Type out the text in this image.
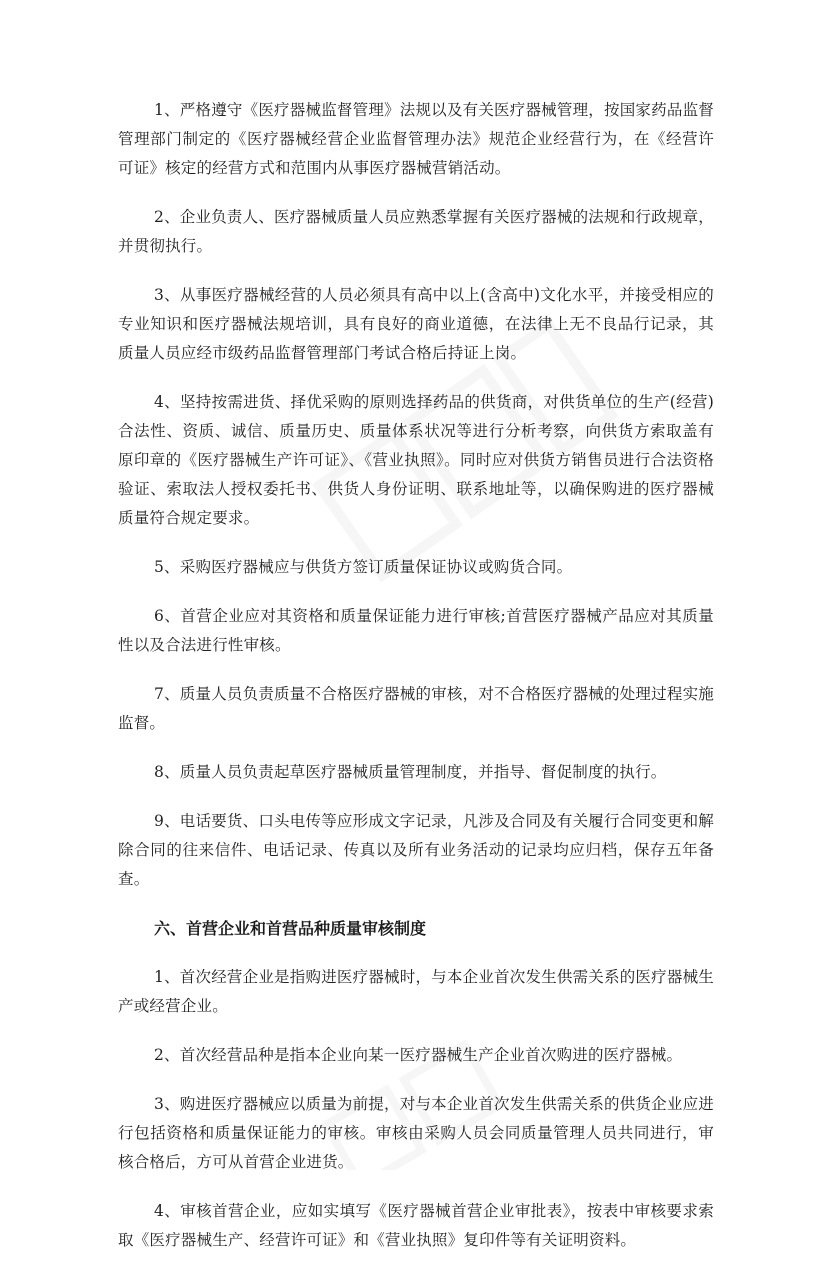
1、严格遵守《医疗器械监督管理》法规以及有关医疗器械管理，按国家药品监督管理部门制定的《医疗器械经营企业监督管理办法》规范企业经营行为，在《经营许可证》核定的经营方式和范围内从事医疗器械营销活动。

2、企业负责人、医疗器械质量人员应熟悉掌握有关医疗器械的法规和行政规章，并贯彻执行。

3、从事医疗器械经营的人员必须具有高中以上(含高中)文化水平，并接受相应的专业知识和医疗器械法规培训，具有良好的商业道德，在法律上无不良品行记录，其质量人员应经市级药品监督管理部门考试合格后持证上岗。

4、坚持按需进货、择优采购的原则选择药品的供货商，对供货单位的生产(经营)合法性、资质、诚信、质量历史、质量体系状况等进行分析考察，向供货方索取盖有原印章的《医疗器械生产许可证》、《营业执照》。同时应对供货方销售员进行合法资格验证、索取法人授权委托书、供货人身份证明、联系地址等，以确保购进的医疗器械质量符合规定要求。

5、采购医疗器械应与供货方签订质量保证协议或购货合同。

6、首营企业应对其资格和质量保证能力进行审核;首营医疗器械产品应对其质量性以及合法进行性审核。

7、质量人员负责质量不合格医疗器械的审核，对不合格医疗器械的处理过程实施监督。

8、质量人员负责起草医疗器械质量管理制度，并指导、督促制度的执行。

9、电话要货、口头电传等应形成文字记录，凡涉及合同及有关履行合同变更和解除合同的往来信件、电话记录、传真以及所有业务活动的记录均应归档，保存五年备查。

六、首营企业和首营品种质量审核制度

1、首次经营企业是指购进医疗器械时，与本企业首次发生供需关系的医疗器械生产或经营企业。

2、首次经营品种是指本企业向某一医疗器械生产企业首次购进的医疗器械。

3、购进医疗器械应以质量为前提，对与本企业首次发生供需关系的供货企业应进行包括资格和质量保证能力的审核。审核由采购人员会同质量管理人员共同进行，审核合格后，方可从首营企业进货。

4、审核首营企业，应如实填写《医疗器械首营企业审批表》，按表中审核要求索取《医疗器械生产、经营许可证》和《营业执照》复印件等有关证明资料。
